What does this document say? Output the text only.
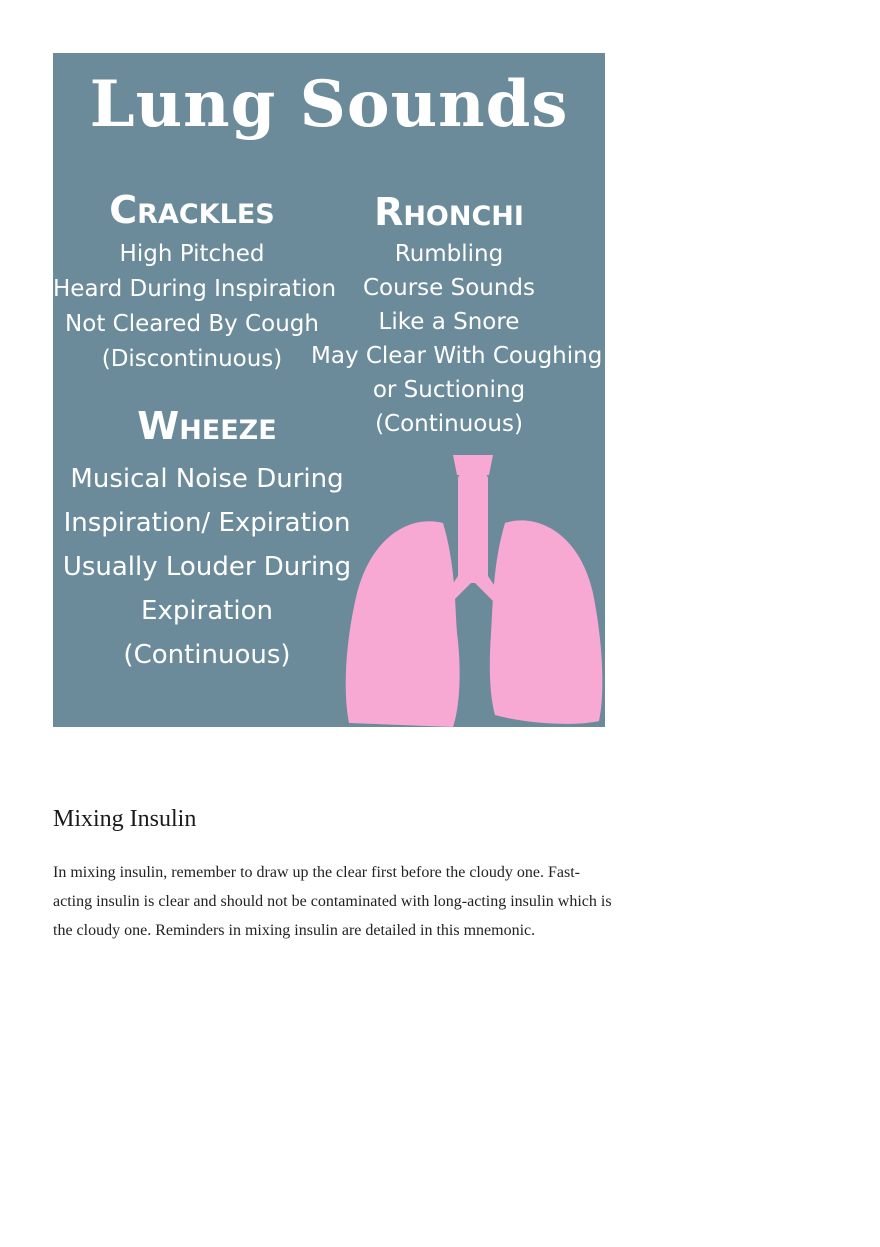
Lung Sounds
Crackles
High Pitched
Heard During Inspiration
Not Cleared By Cough
(Discontinuous)
Rhonchi
Rumbling
Course Sounds
Like a Snore
May Clear With Coughing
or Suctioning
(Continuous)
Wheeze
Musical Noise During
Inspiration/ Expiration
Usually Louder During
Expiration
(Continuous)
Mixing Insulin

In mixing insulin, remember to draw up the clear first before the cloudy one. Fast-
acting insulin is clear and should not be contaminated with long-acting insulin which is
the cloudy one. Reminders in mixing insulin are detailed in this mnemonic.
